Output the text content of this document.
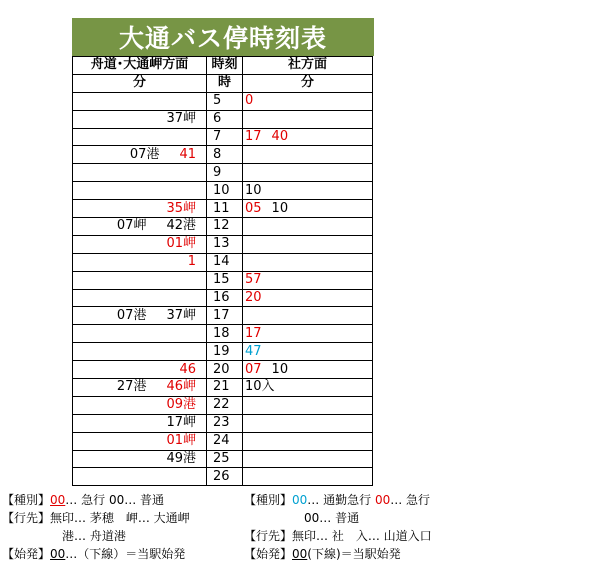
大通バス停時刻表
舟道･大通岬方面	時刻	社方面
分	時	分
	5	0
37岬	6	
	7	17 40
07港 41	8	
	9	
	10	10
35岬	11	05 10
07岬 42港	12	
01岬	13	
1	14	
	15	57
	16	20
07港 37岬	17	
	18	17
	19	47
46	20	07 10
27港 46岬	21	10入
09港	22	
17岬	23	
01岬	24	
49港	25	
	26	
【種別】00… 急行 00… 普通
【行先】無印… 茅穂　岬… 大通岬
港… 舟道港
【始発】00…（下線）＝当駅始発
【種別】00… 通勤急行 00… 急行
00… 普通
【行先】無印… 社　入… 山道入口
【始発】00(下線)＝当駅始発
